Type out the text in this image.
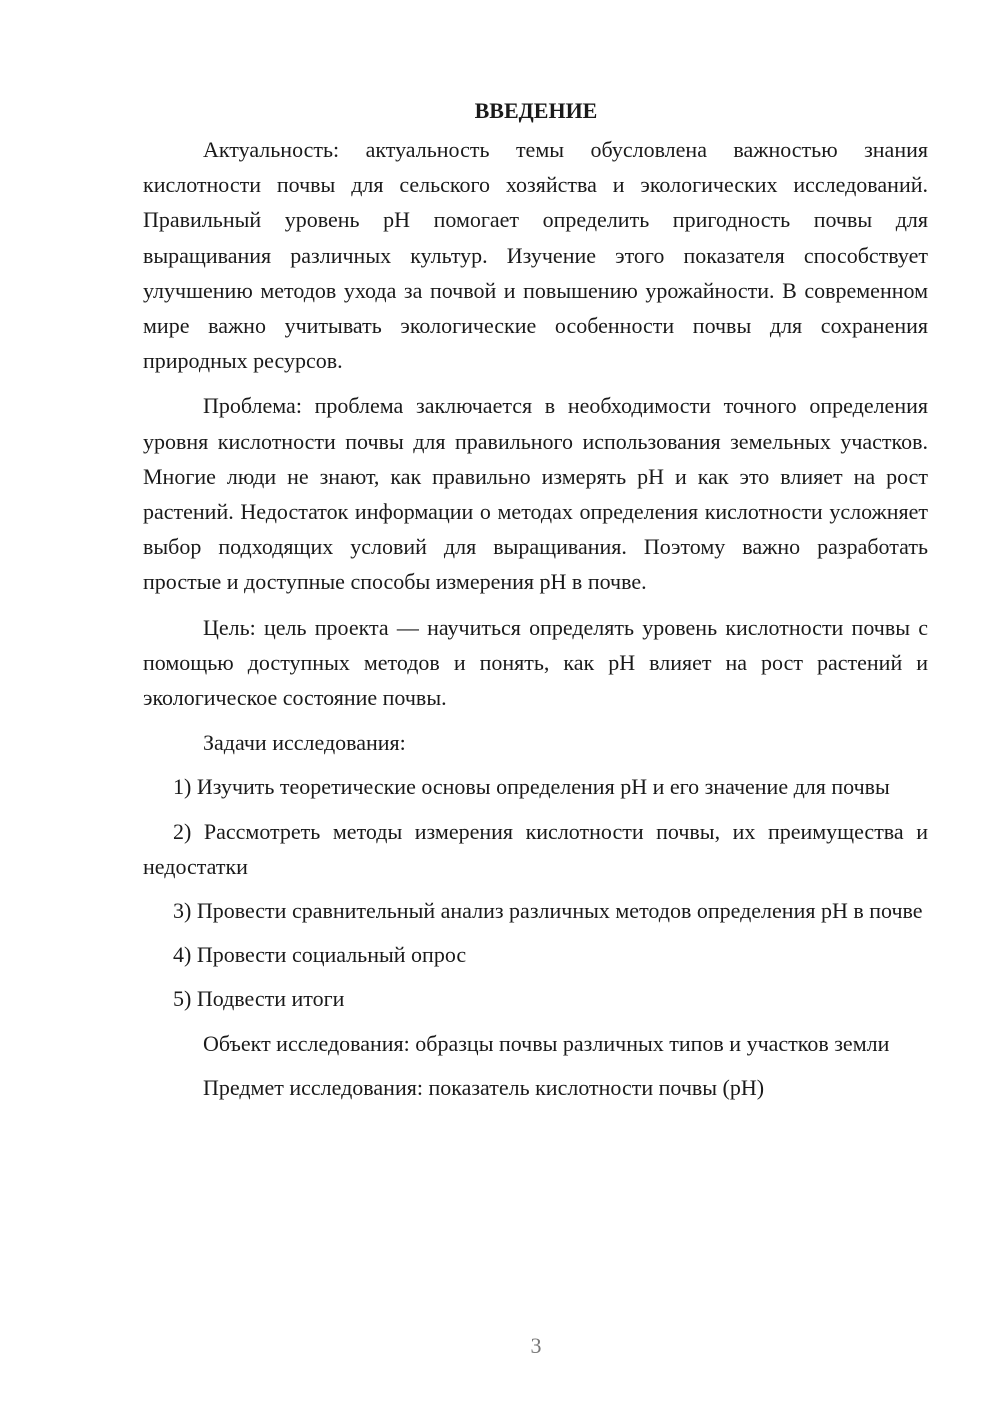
ВВЕДЕНИЕ

Актуальность: актуальность темы обусловлена важностью знания кислотности почвы для сельского хозяйства и экологических исследований. Правильный уровень pH помогает определить пригодность почвы для выращивания различных культур. Изучение этого показателя способствует улучшению методов ухода за почвой и повышению урожайности. В современном мире важно учитывать экологические особенности почвы для сохранения природных ресурсов.

Проблема: проблема заключается в необходимости точного определения уровня кислотности почвы для правильного использования земельных участков. Многие люди не знают, как правильно измерять pH и как это влияет на рост растений. Недостаток информации о методах определения кислотности усложняет выбор подходящих условий для выращивания. Поэтому важно разработать простые и доступные способы измерения pH в почве.

Цель: цель проекта — научиться определять уровень кислотности почвы с помощью доступных методов и понять, как pH влияет на рост растений и экологическое состояние почвы.

Задачи исследования:

1) Изучить теоретические основы определения pH и его значение для почвы

2) Рассмотреть методы измерения кислотности почвы, их преимущества и недостатки

3) Провести сравнительный анализ различных методов определения pH в почве

4) Провести социальный опрос

5) Подвести итоги

Объект исследования: образцы почвы различных типов и участков земли

Предмет исследования: показатель кислотности почвы (pH)

3
